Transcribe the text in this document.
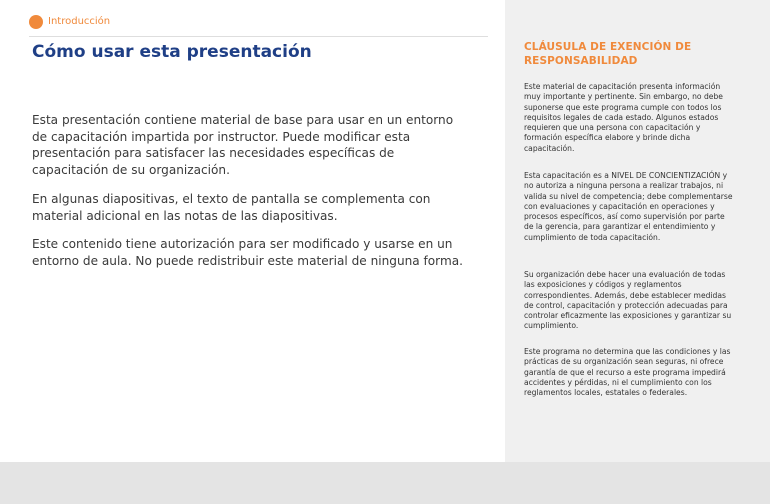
Introducción
Cómo usar esta presentación
Esta presentación contiene material de base para usar en un entorno de capacitación impartida por instructor. Puede modificar esta presentación para satisfacer las necesidades específicas de capacitación de su organización.
En algunas diapositivas, el texto de pantalla se complementa con material adicional en las notas de las diapositivas.
Este contenido tiene autorización para ser modificado y usarse en un entorno de aula. No puede redistribuir este material de ninguna forma.
CLÁUSULA DE EXENCIÓN DE RESPONSABILIDAD
Este material de capacitación presenta información muy importante y pertinente. Sin embargo, no debe suponerse que este programa cumple con todos los requisitos legales de cada estado. Algunos estados requieren que una persona con capacitación y formación específica elabore y brinde dicha capacitación.
Esta capacitación es a NIVEL DE CONCIENTIZACIÓN y no autoriza a ninguna persona a realizar trabajos, ni valida su nivel de competencia; debe complementarse con evaluaciones y capacitación en operaciones y procesos específicos, así como supervisión por parte de la gerencia, para garantizar el entendimiento y cumplimiento de toda capacitación.
Su organización debe hacer una evaluación de todas las exposiciones y códigos y reglamentos correspondientes. Además, debe establecer medidas de control, capacitación y protección adecuadas para controlar eficazmente las exposiciones y garantizar su cumplimiento.
Este programa no determina que las condiciones y las prácticas de su organización sean seguras, ni ofrece garantía de que el recurso a este programa impedirá accidentes y pérdidas, ni el cumplimiento con los reglamentos locales, estatales o federales.
